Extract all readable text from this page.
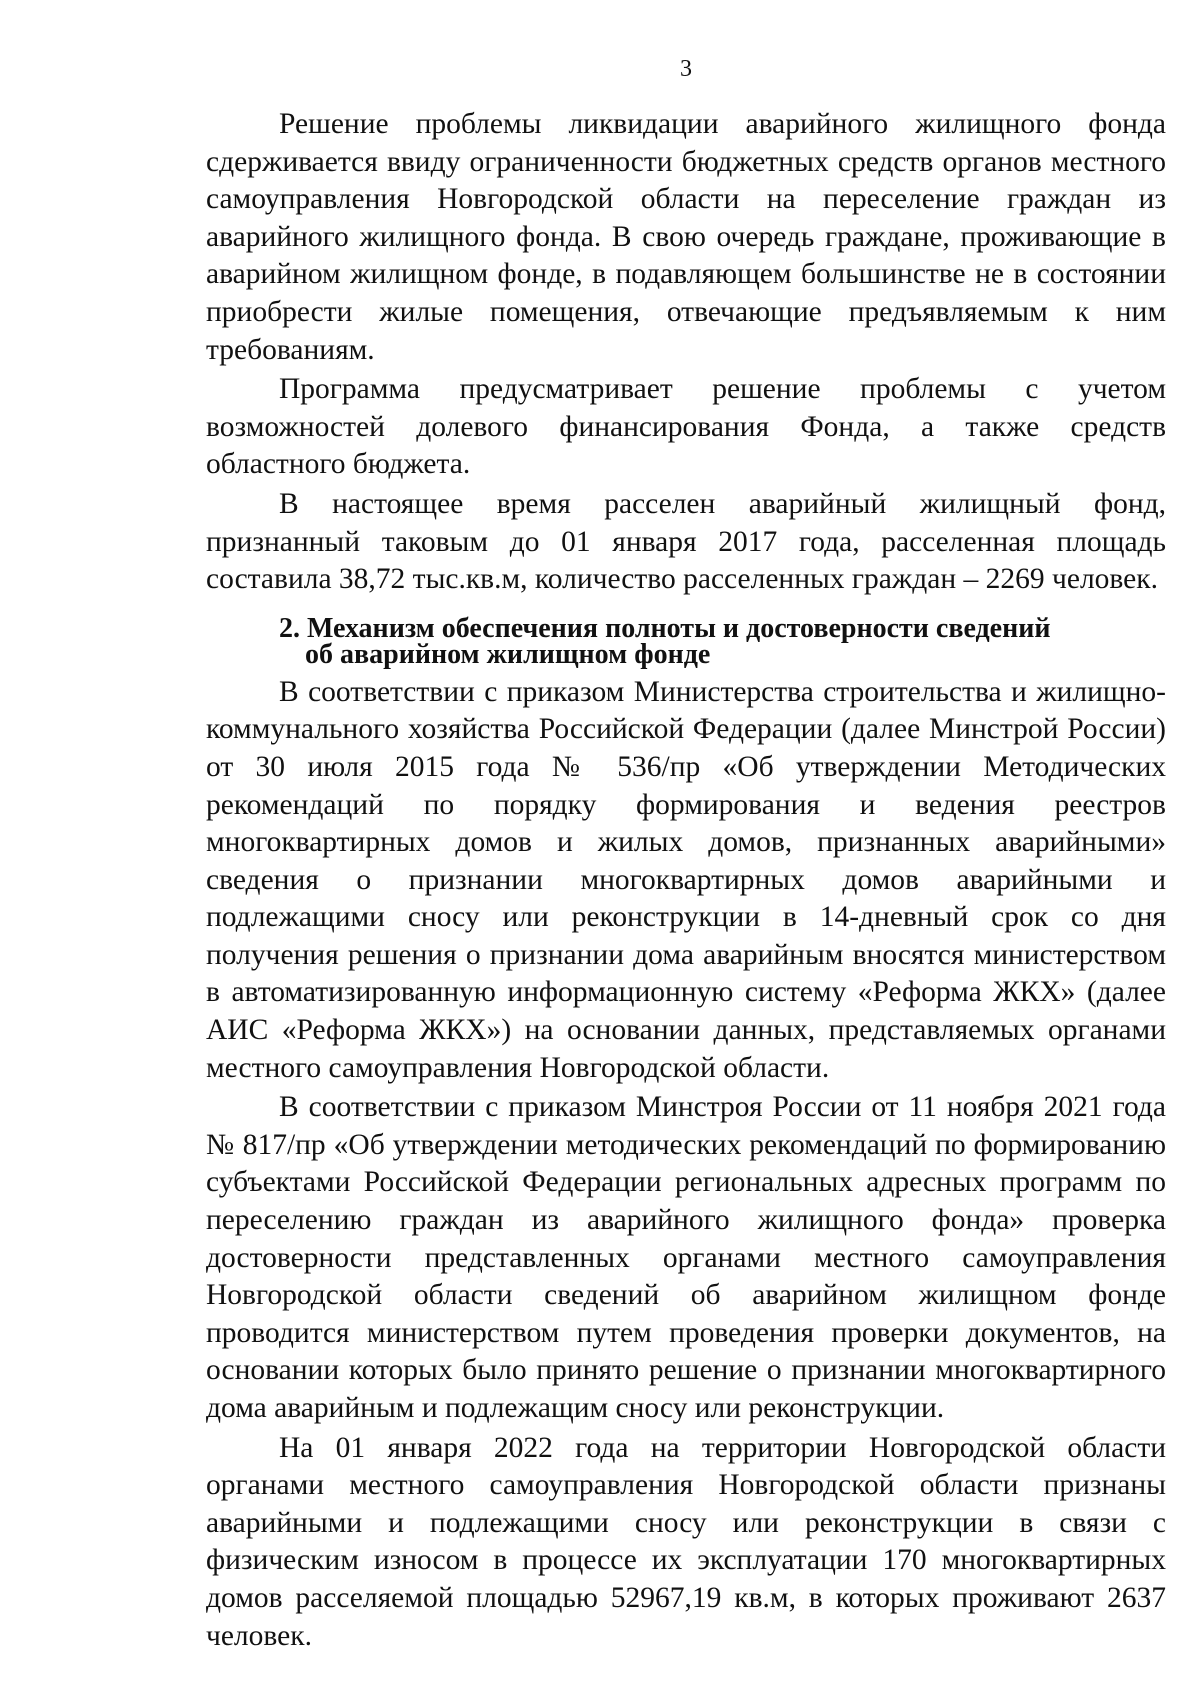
3

Решение проблемы ликвидации аварийного жилищного фонда сдерживается ввиду ограниченности бюджетных средств органов местного самоуправления Новгородской области на переселение граждан из аварийного жилищного фонда. В свою очередь граждане, проживающие в аварийном жилищном фонде, в подавляющем большинстве не в состоянии приобрести жилые помещения, отвечающие предъявляемым к ним требованиям.

Программа предусматривает решение проблемы с учетом возможностей долевого финансирования Фонда, а также средств областного бюджета.

В настоящее время расселен аварийный жилищный фонд, признанный таковым до 01 января 2017 года, расселенная площадь составила 38,72 тыс.кв.м, количество расселенных граждан – 2269 человек.

2. Механизм обеспечения полноты и достоверности сведений
об аварийном жилищном фонде

В соответствии с приказом Министерства строительства и жилищно-коммунального хозяйства Российской Федерации (далее Минстрой России) от 30 июля 2015 года № 536/пр «Об утверждении Методических рекомендаций по порядку формирования и ведения реестров многоквартирных домов и жилых домов, признанных аварийными» сведения о признании многоквартирных домов аварийными и подлежащими сносу или реконструкции в 14-дневный срок со дня получения решения о признании дома аварийным вносятся министерством в автоматизированную информационную систему «Реформа ЖКХ» (далее АИС «Реформа ЖКХ») на основании данных, представляемых органами местного самоуправления Новгородской области.

В соответствии с приказом Минстроя России от 11 ноября 2021 года № 817/пр «Об утверждении методических рекомендаций по формированию субъектами Российской Федерации региональных адресных программ по переселению граждан из аварийного жилищного фонда» проверка достоверности представленных органами местного самоуправления Новгородской области сведений об аварийном жилищном фонде проводится министерством путем проведения проверки документов, на основании которых было принято решение о признании многоквартирного дома аварийным и подлежащим сносу или реконструкции.

На 01 января 2022 года на территории Новгородской области органами местного самоуправления Новгородской области признаны аварийными и подлежащими сносу или реконструкции в связи с физическим износом в процессе их эксплуатации 170 многоквартирных домов расселяемой площадью 52967,19 кв.м, в которых проживают 2637 человек.
